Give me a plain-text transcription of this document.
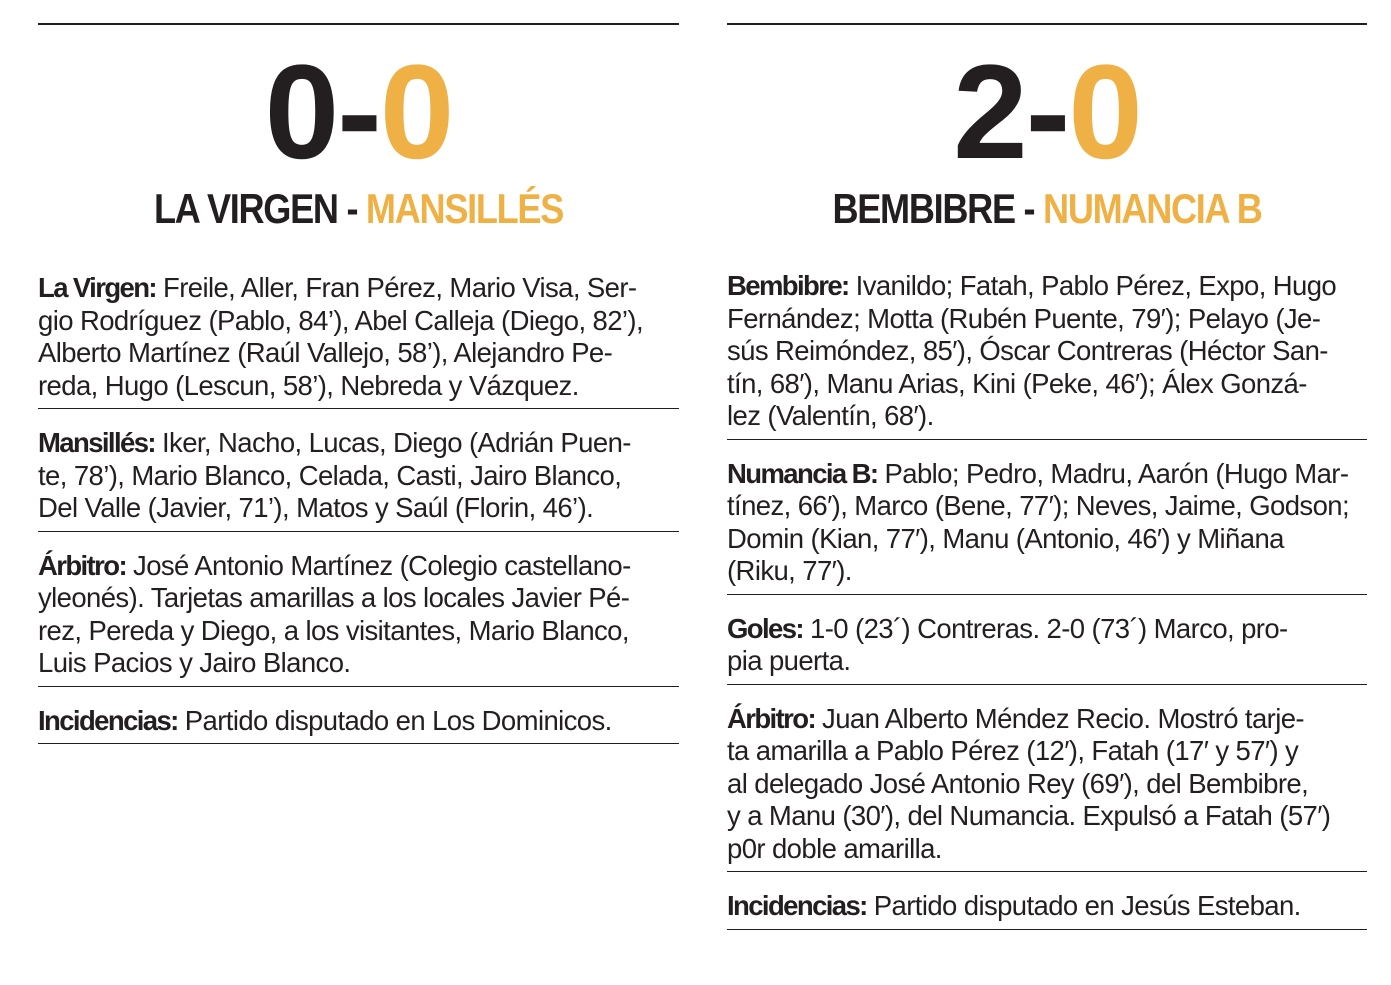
0-0
LA VIRGEN - MANSILLÉS
La Virgen: Freile, Aller, Fran Pérez, Mario Visa, Ser-
gio Rodríguez (Pablo, 84’), Abel Calleja (Diego, 82’),
Alberto Martínez (Raúl Vallejo, 58’), Alejandro Pe-
reda, Hugo (Lescun, 58’), Nebreda y Vázquez.
Mansillés: Iker, Nacho, Lucas, Diego (Adrián Puen-
te, 78’), Mario Blanco, Celada, Casti, Jairo Blanco,
Del Valle (Javier, 71’), Matos y Saúl (Florin, 46’).
Árbitro: José Antonio Martínez (Colegio castellano-
yleonés). Tarjetas amarillas a los locales Javier Pé-
rez, Pereda y Diego, a los visitantes, Mario Blanco,
Luis Pacios y Jairo Blanco.
Incidencias: Partido disputado en Los Dominicos.
2-0
BEMBIBRE - NUMANCIA B
Bembibre: Ivanildo; Fatah, Pablo Pérez, Expo, Hugo
Fernández; Motta (Rubén Puente, 79′); Pelayo (Je-
sús Reimóndez, 85′), Óscar Contreras (Héctor San-
tín, 68′), Manu Arias, Kini (Peke, 46′); Álex Gonzá-
lez (Valentín, 68′).
Numancia B: Pablo; Pedro, Madru, Aarón (Hugo Mar-
tínez, 66′), Marco (Bene, 77′); Neves, Jaime, Godson;
Domin (Kian, 77′), Manu (Antonio, 46′) y Miñana
(Riku, 77′).
Goles: 1-0 (23´) Contreras. 2-0 (73´) Marco, pro-
pia puerta.
Árbitro: Juan Alberto Méndez Recio. Mostró tarje-
ta amarilla a Pablo Pérez (12′), Fatah (17′ y 57′) y
al delegado José Antonio Rey (69′), del Bembibre,
y a Manu (30′), del Numancia. Expulsó a Fatah (57′)
p0r doble amarilla.
Incidencias: Partido disputado en Jesús Esteban.
